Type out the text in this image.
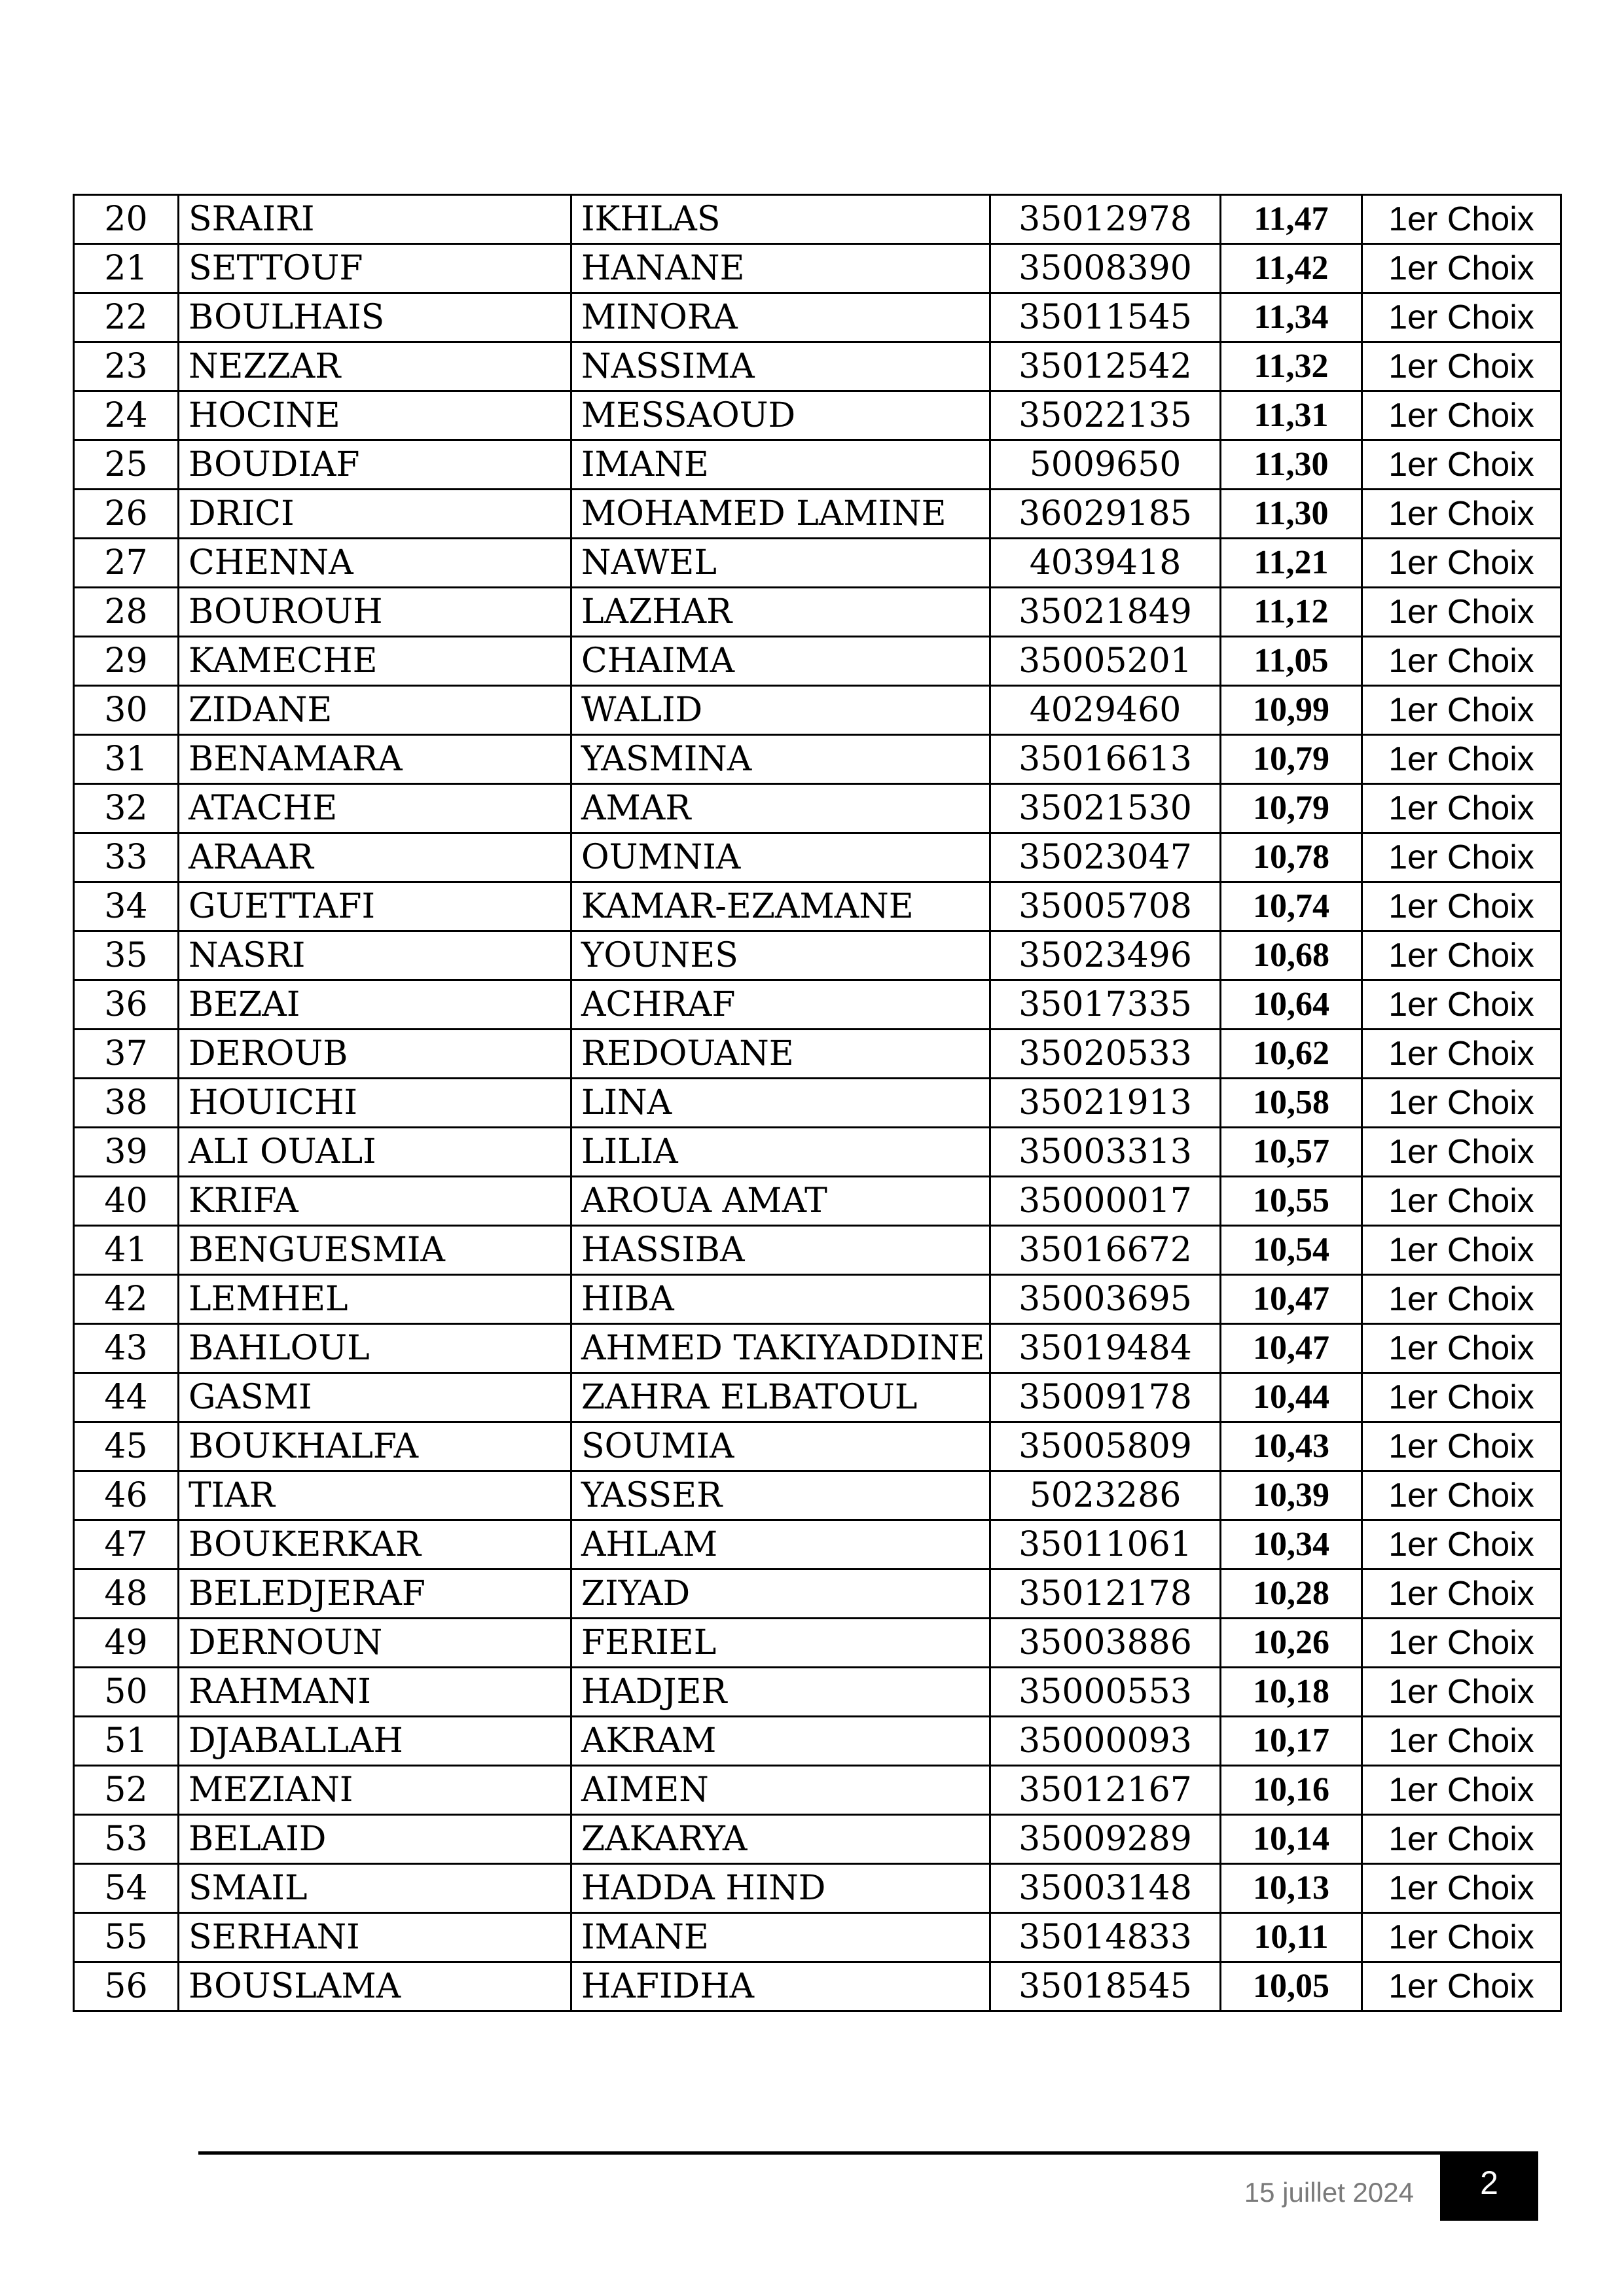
20	SRAIRI	IKHLAS	35012978	11,47	1er Choix
21	SETTOUF	HANANE	35008390	11,42	1er Choix
22	BOULHAIS	MINORA	35011545	11,34	1er Choix
23	NEZZAR	NASSIMA	35012542	11,32	1er Choix
24	HOCINE	MESSAOUD	35022135	11,31	1er Choix
25	BOUDIAF	IMANE	5009650	11,30	1er Choix
26	DRICI	MOHAMED LAMINE	36029185	11,30	1er Choix
27	CHENNA	NAWEL	4039418	11,21	1er Choix
28	BOUROUH	LAZHAR	35021849	11,12	1er Choix
29	KAMECHE	CHAIMA	35005201	11,05	1er Choix
30	ZIDANE	WALID	4029460	10,99	1er Choix
31	BENAMARA	YASMINA	35016613	10,79	1er Choix
32	ATACHE	AMAR	35021530	10,79	1er Choix
33	ARAAR	OUMNIA	35023047	10,78	1er Choix
34	GUETTAFI	KAMAR-EZAMANE	35005708	10,74	1er Choix
35	NASRI	YOUNES	35023496	10,68	1er Choix
36	BEZAI	ACHRAF	35017335	10,64	1er Choix
37	DEROUB	REDOUANE	35020533	10,62	1er Choix
38	HOUICHI	LINA	35021913	10,58	1er Choix
39	ALI OUALI	LILIA	35003313	10,57	1er Choix
40	KRIFA	AROUA AMAT	35000017	10,55	1er Choix
41	BENGUESMIA	HASSIBA	35016672	10,54	1er Choix
42	LEMHEL	HIBA	35003695	10,47	1er Choix
43	BAHLOUL	AHMED TAKIYADDINE	35019484	10,47	1er Choix
44	GASMI	ZAHRA ELBATOUL	35009178	10,44	1er Choix
45	BOUKHALFA	SOUMIA	35005809	10,43	1er Choix
46	TIAR	YASSER	5023286	10,39	1er Choix
47	BOUKERKAR	AHLAM	35011061	10,34	1er Choix
48	BELEDJERAF	ZIYAD	35012178	10,28	1er Choix
49	DERNOUN	FERIEL	35003886	10,26	1er Choix
50	RAHMANI	HADJER	35000553	10,18	1er Choix
51	DJABALLAH	AKRAM	35000093	10,17	1er Choix
52	MEZIANI	AIMEN	35012167	10,16	1er Choix
53	BELAID	ZAKARYA	35009289	10,14	1er Choix
54	SMAIL	HADDA HIND	35003148	10,13	1er Choix
55	SERHANI	IMANE	35014833	10,11	1er Choix
56	BOUSLAMA	HAFIDHA	35018545	10,05	1er Choix
15 juillet 2024	2
